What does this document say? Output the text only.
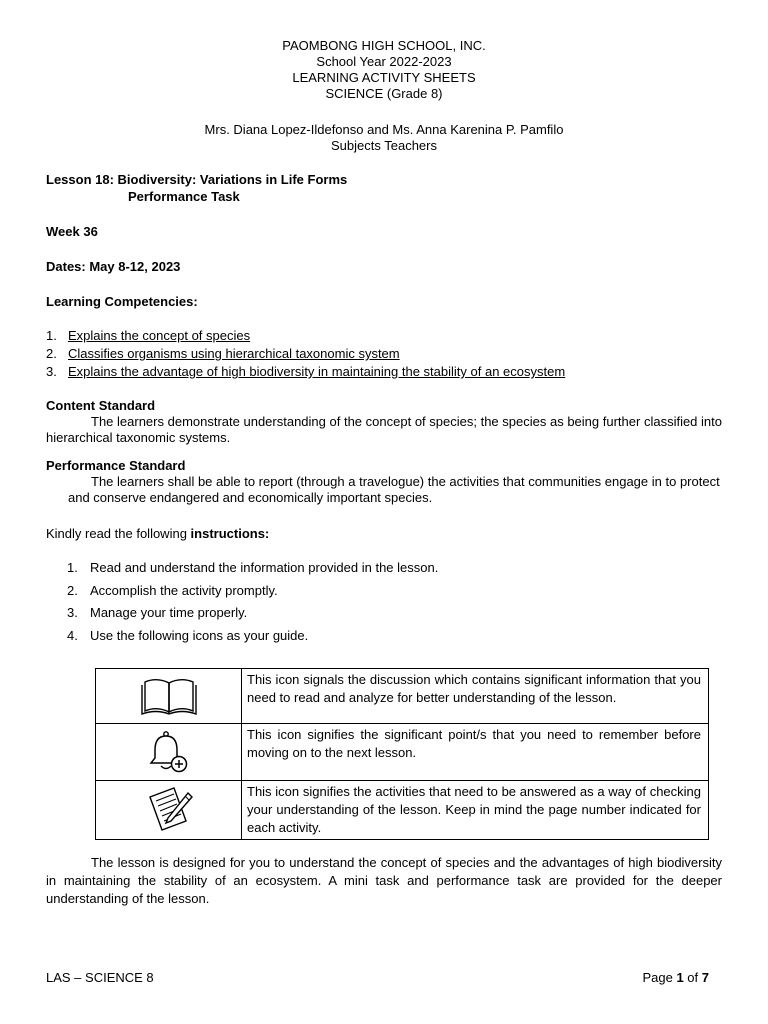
PAOMBONG HIGH SCHOOL, INC.
School Year 2022-2023
LEARNING ACTIVITY SHEETS
SCIENCE (Grade 8)
Mrs. Diana Lopez-Ildefonso and Ms. Anna Karenina P. Pamfilo
Subjects Teachers
Lesson 18: Biodiversity: Variations in Life Forms
Performance Task
Week 36
Dates: May 8-12, 2023
Learning Competencies:
1. Explains the concept of species
2. Classifies organisms using hierarchical taxonomic system
3. Explains the advantage of high biodiversity in maintaining the stability of an ecosystem
Content Standard
The learners demonstrate understanding of the concept of species; the species as being further classified into hierarchical taxonomic systems.
Performance Standard
The learners shall be able to report (through a travelogue) the activities that communities engage in to protect and conserve endangered and economically important species.
Kindly read the following instructions:
1. Read and understand the information provided in the lesson.
2. Accomplish the activity promptly.
3. Manage your time properly.
4. Use the following icons as your guide.
	This icon signals the discussion which contains significant information that you need to read and analyze for better understanding of the lesson.

	This icon signifies the significant point/s that you need to remember before moving on to the next lesson.

	This icon signifies the activities that need to be answered as a way of checking your understanding of the lesson. Keep in mind the page number indicated for each activity.
The lesson is designed for you to understand the concept of species and the advantages of high biodiversity in maintaining the stability of an ecosystem. A mini task and performance task are provided for the deeper understanding of the lesson.
LAS – SCIENCE 8	Page 1 of 7
